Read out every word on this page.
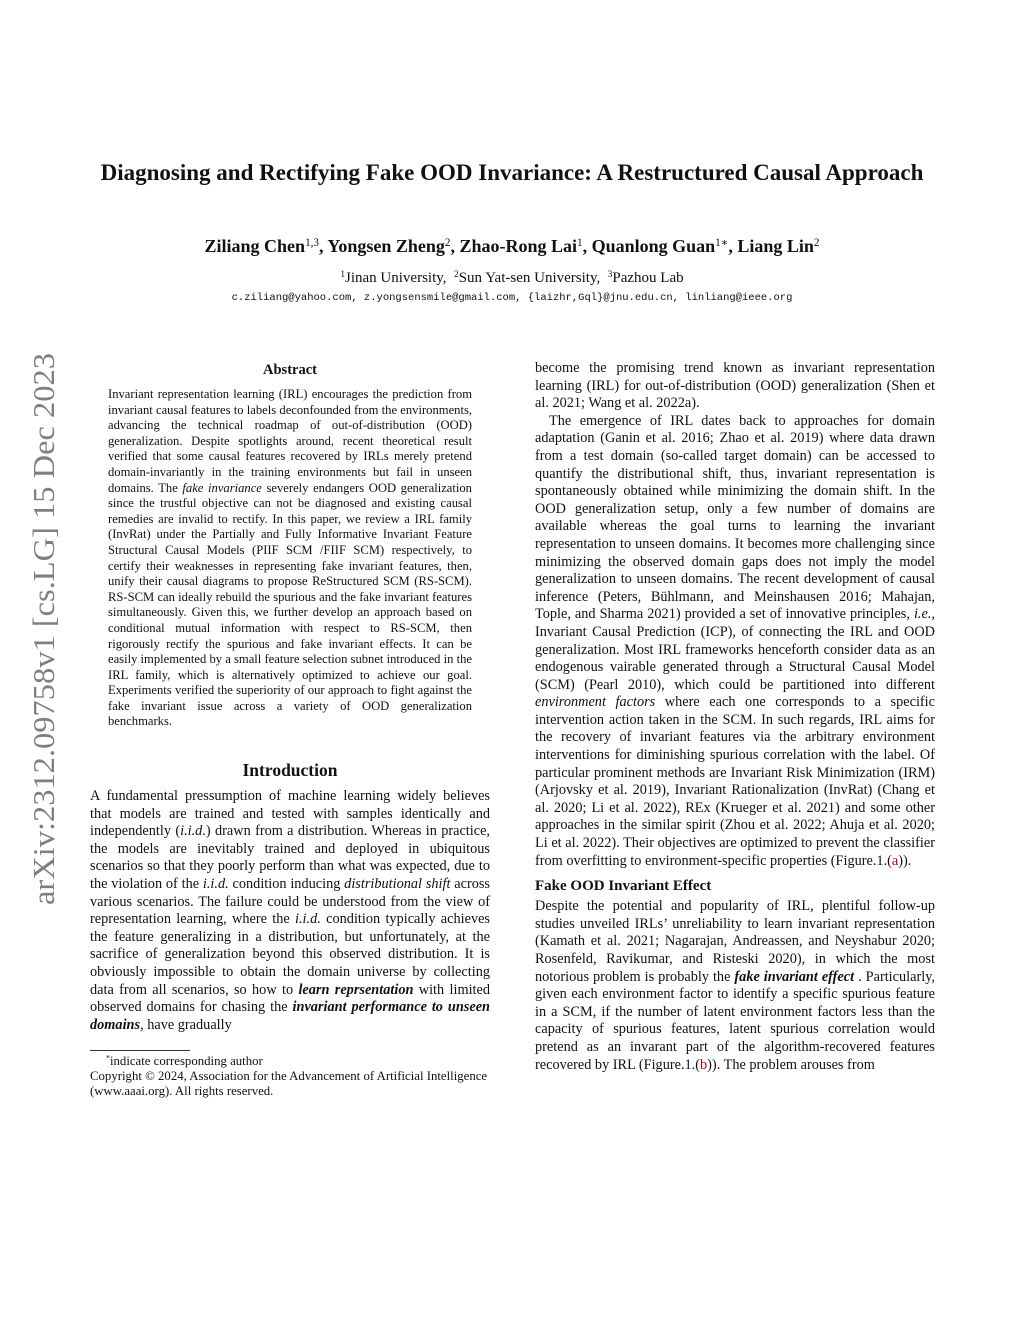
arXiv:2312.09758v1 [cs.LG] 15 Dec 2023
Diagnosing and Rectifying Fake OOD Invariance: A Restructured Causal Approach
Ziliang Chen$^{1,3}$, Yongsen Zheng$^2$, Zhao-Rong Lai$^1$, Quanlong Guan$^{1∗}$, Liang Lin$^2$
$^1$Jinan University, $^2$Sun Yat-sen University, $^3$Pazhou Lab
c.ziliang@yahoo.com, z.yongsensmile@gmail.com, {laizhr,Gql}@jnu.edu.cn, linliang@ieee.org
Abstract

Invariant representation learning (IRL) encourages the prediction from invariant causal features to labels deconfounded from the environments, advancing the technical roadmap of out-of-distribution (OOD) generalization. Despite spotlights around, recent theoretical result verified that some causal features recovered by IRLs merely pretend domain-invariantly in the training environments but fail in unseen domains. The fake invariance severely endangers OOD generalization since the trustful objective can not be diagnosed and existing causal remedies are invalid to rectify. In this paper, we review a IRL family (InvRat) under the Partially and Fully Informative Invariant Feature Structural Causal Models (PIIF SCM /FIIF SCM) respectively, to certify their weaknesses in representing fake invariant features, then, unify their causal diagrams to propose ReStructured SCM (RS-SCM). RS-SCM can ideally rebuild the spurious and the fake invariant features simultaneously. Given this, we further develop an approach based on conditional mutual information with respect to RS-SCM, then rigorously rectify the spurious and fake invariant effects. It can be easily implemented by a small feature selection subnet introduced in the IRL family, which is alternatively optimized to achieve our goal. Experiments verified the superiority of our approach to fight against the fake invariant issue across a variety of OOD generalization benchmarks.

Introduction

A fundamental pressumption of machine learning widely believes that models are trained and tested with samples identically and independently (i.i.d.) drawn from a distribution. Whereas in practice, the models are inevitably trained and deployed in ubiquitous scenarios so that they poorly perform than what was expected, due to the violation of the i.i.d. condition inducing distributional shift across various scenarios. The failure could be understood from the view of representation learning, where the i.i.d. condition typically achieves the feature generalizing in a distribution, but unfortunately, at the sacrifice of generalization beyond this observed distribution. It is obviously impossible to obtain the domain universe by collecting data from all scenarios, so how to learn reprsentation with limited observed domains for chasing the invariant performance to unseen domains, have gradually

*indicate corresponding author

Copyright © 2024, Association for the Advancement of Artificial Intelligence (www.aaai.org). All rights reserved.

become the promising trend known as invariant representation learning (IRL) for out-of-distribution (OOD) generalization (Shen et al. 2021; Wang et al. 2022a).

The emergence of IRL dates back to approaches for domain adaptation (Ganin et al. 2016; Zhao et al. 2019) where data drawn from a test domain (so-called target domain) can be accessed to quantify the distributional shift, thus, invariant representation is spontaneously obtained while minimizing the domain shift. In the OOD generalization setup, only a few number of domains are available whereas the goal turns to learning the invariant representation to unseen domains. It becomes more challenging since minimizing the observed domain gaps does not imply the model generalization to unseen domains. The recent development of causal inference (Peters, Bühlmann, and Meinshausen 2016; Mahajan, Tople, and Sharma 2021) provided a set of innovative principles, i.e., Invariant Causal Prediction (ICP), of connecting the IRL and OOD generalization. Most IRL frameworks henceforth consider data as an endogenous vairable generated through a Structural Causal Model (SCM) (Pearl 2010), which could be partitioned into different environment factors where each one corresponds to a specific intervention action taken in the SCM. In such regards, IRL aims for the recovery of invariant features via the arbitrary environment interventions for diminishing spurious correlation with the label. Of particular prominent methods are Invariant Risk Minimization (IRM) (Arjovsky et al. 2019), Invariant Rationalization (InvRat) (Chang et al. 2020; Li et al. 2022), REx (Krueger et al. 2021) and some other approaches in the similar spirit (Zhou et al. 2022; Ahuja et al. 2020; Li et al. 2022). Their objectives are optimized to prevent the classifier from overfitting to environment-specific properties (Figure.1.(a)).

Fake OOD Invariant Effect

Despite the potential and popularity of IRL, plentiful follow-up studies unveiled IRLs’ unreliability to learn invariant representation (Kamath et al. 2021; Nagarajan, Andreassen, and Neyshabur 2020; Rosenfeld, Ravikumar, and Risteski 2020), in which the most notorious problem is probably the fake invariant effect . Particularly, given each environment factor to identify a specific spurious feature in a SCM, if the number of latent environment factors less than the capacity of spurious features, latent spurious correlation would pretend as an invarant part of the algorithm-recovered features recovered by IRL (Figure.1.(b)). The problem arouses from
